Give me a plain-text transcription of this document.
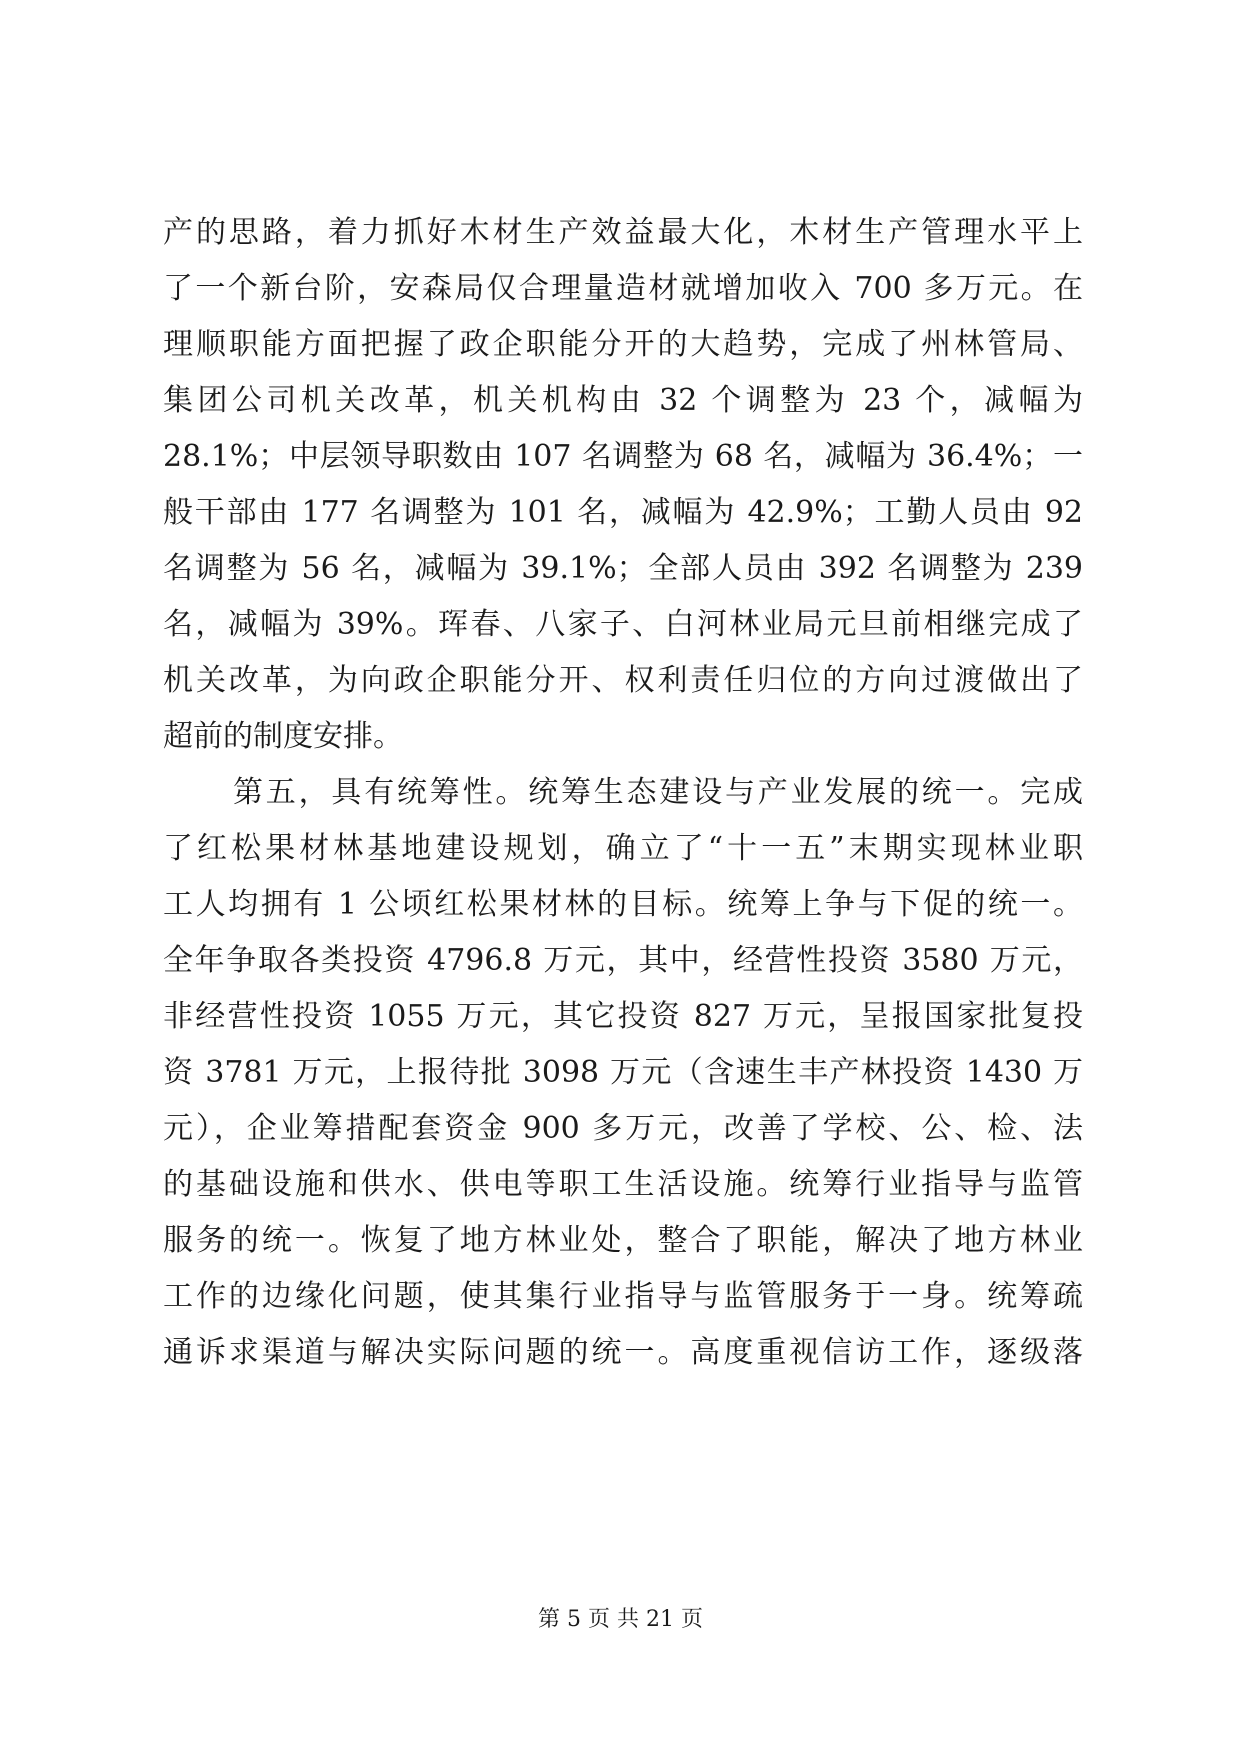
产的思路，着力抓好木材生产效益最大化，木材生产管理水平上
了一个新台阶，安森局仅合理量造材就增加收入 700 多万元。在
理顺职能方面把握了政企职能分开的大趋势，完成了州林管局、
集团公司机关改革，机关机构由 32 个调整为 23 个，减幅为
28.1%；中层领导职数由 107 名调整为 68 名，减幅为 36.4%；一
般干部由 177 名调整为 101 名，减幅为 42.9%；工勤人员由 92
名调整为 56 名，减幅为 39.1%；全部人员由 392 名调整为 239
名，减幅为 39%。珲春、八家子、白河林业局元旦前相继完成了
机关改革，为向政企职能分开、权利责任归位的方向过渡做出了
超前的制度安排。
第五，具有统筹性。统筹生态建设与产业发展的统一。完成
了红松果材林基地建设规划，确立了“十一五”末期实现林业职
工人均拥有 1 公顷红松果材林的目标。统筹上争与下促的统一。
全年争取各类投资 4796.8 万元，其中，经营性投资 3580 万元，
非经营性投资 1055 万元，其它投资 827 万元，呈报国家批复投
资 3781 万元，上报待批 3098 万元（含速生丰产林投资 1430 万
元），企业筹措配套资金 900 多万元，改善了学校、公、检、法
的基础设施和供水、供电等职工生活设施。统筹行业指导与监管
服务的统一。恢复了地方林业处，整合了职能，解决了地方林业
工作的边缘化问题，使其集行业指导与监管服务于一身。统筹疏
通诉求渠道与解决实际问题的统一。高度重视信访工作，逐级落
第 5 页 共 21 页
